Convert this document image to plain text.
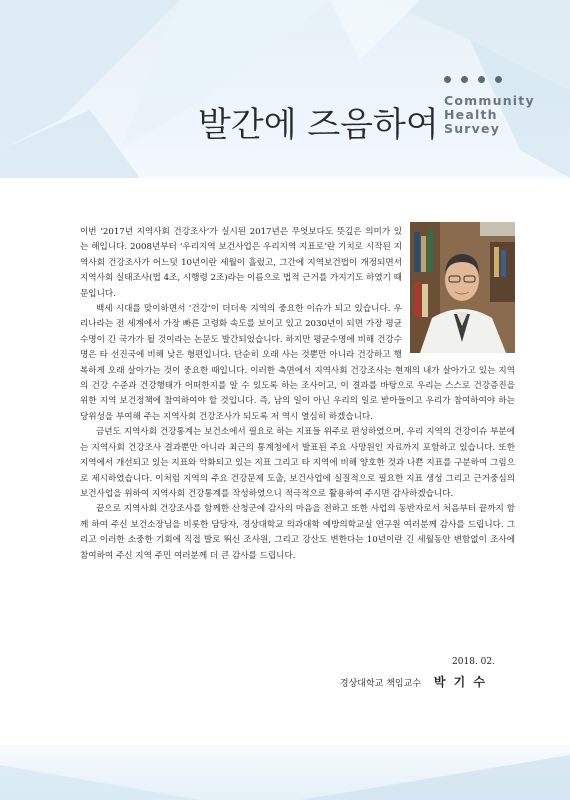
Community
Health
Survey
발간에 즈음하여

이번 ‘2017년 지역사회 건강조사’가 실시된 2017년은 무엇보다도 뜻깊은 의미가 있는 해입니다. 2008년부터 ‘우리지역 보건사업은 우리지역 지표로’란 기치로 시작된 지역사회 건강조사가 어느덧 10년이란 세월이 흘렀고, 그간에 지역보건법이 개정되면서 지역사회 실태조사(법 4조, 시행령 2조)라는 이름으로 법적 근거를 가지기도 하였기 때문입니다.

백세 시대를 맞이하면서 ‘건강’이 더더욱 지역의 중요한 이슈가 되고 있습니다. 우리나라는 전 세계에서 가장 빠른 고령화 속도를 보이고 있고 2030년이 되면 가장 평균수명이 긴 국가가 될 것이라는 논문도 발간되었습니다. 하지만 평균수명에 비해 건강수명은 타 선진국에 비해 낮은 형편입니다. 단순히 오래 사는 것뿐만 아니라 건강하고 행복하게 오래 살아가는 것이 중요한 때입니다. 이러한 측면에서 지역사회 건강조사는 현재의 내가 살아가고 있는 지역의 건강 수준과 건강행태가 어떠한지를 알 수 있도록 하는 조사이고, 이 결과를 바탕으로 우리는 스스로 건강증진을 위한 지역 보건정책에 참여하여야 할 것입니다. 즉, 남의 일이 아닌 우리의 일로 받아들이고 우리가 참여하여야 하는 당위성을 부여해 주는 지역사회 건강조사가 되도록 저 역시 열심히 하겠습니다.

금년도 지역사회 건강통계는 보건소에서 필요로 하는 지표들 위주로 편성하였으며, 우리 지역의 건강이슈 부분에는 지역사회 건강조사 결과뿐만 아니라 최근의 통계청에서 발표된 주요 사망원인 자료까지 포함하고 있습니다. 또한 지역에서 개선되고 있는 지표와 악화되고 있는 지표 그리고 타 지역에 비해 양호한 것과 나쁜 지표를 구분하여 그림으로 제시하였습니다. 이처럼 지역의 주요 건강문제 도출, 보건사업에 실질적으로 필요한 지표 생성 그리고 근거중심의 보건사업을 위하여 지역사회 건강통계를 작성하였으니 적극적으로 활용하여 주시면 감사하겠습니다.

끝으로 지역사회 건강조사를 함께한 산청군에 감사의 마음을 전하고 또한 사업의 동반자로서 처음부터 끝까지 함께 하여 주신 보건소장님을 비롯한 담당자, 경상대학교 의과대학 예방의학교실 연구원 여러분께 감사를 드립니다. 그리고 이러한 소중한 기회에 직접 발로 뛰신 조사원, 그리고 강산도 변한다는 10년이란 긴 세월동안 변함없이 조사에 참여하여 주신 지역 주민 여러분께 더 큰 감사를 드립니다.

2018. 02.
경상대학교 책임교수 박 기 수
